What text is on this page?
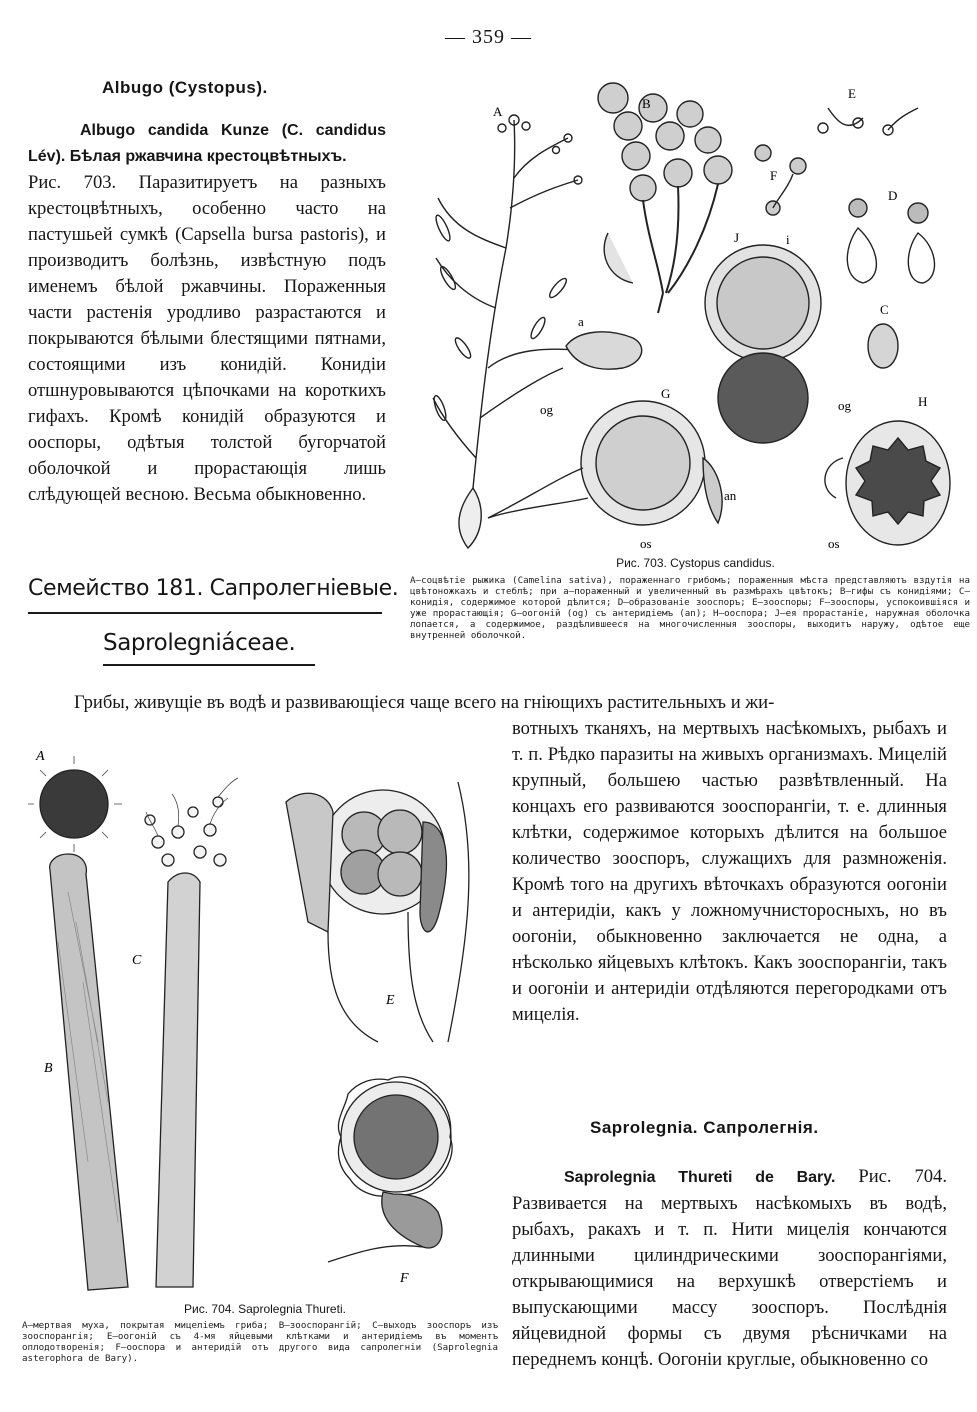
— 359 —
Albugo (Cystopus).
Albugo candida Kunze (C. candidus Lév). Бѣлая ржавчина крестоцвѣтныхъ.
Рис. 703. Паразитируетъ на разныхъ крестоцвѣтныхъ, особенно часто на пастушьей сумкѣ (Capsella bursa pastoris), и производитъ болѣзнь, извѣстную подъ именемъ бѣлой ржавчины. Пораженныя части растенія уродливо разрастаются и покрываются бѣлыми блестящими пятнами, состоящими изъ конидій. Конидіи отшнуровываются цѣпочками на короткихъ гифахъ. Кромѣ конидій образуются и ооспоры, одѣтыя толстой бугорчатой оболочкой и прорастающія лишь слѣдующей весною. Весьма обыкновенно.
Семейство 181. Сапролегніевые.
Saprolegniáceae.
A
B
E
F
D
J	i
a
C
og
G
og	H
an
os	os
Рис. 703. Cystopus candidus.
A—соцвѣтіе рыжика (Camelina sativa), пораженнаго грибомъ; пораженныя мѣста представляютъ вздутія на цвѣтоножкахъ и стеблѣ; при a—пораженный и увеличенный въ размѣрахъ цвѣтокъ; B—гифы съ конидіями; C—конидія, содержимое которой дѣлится; D—образованіе зооспоръ; E—зооспоры; F—зооспоры, успокоившіяся и уже прорастающія; G—оогоній (og) съ антеридіемъ (an); H—ооспора; J—ея прорастаніе, наружная оболочка лопается, а содержимое, раздѣлившееся на многочисленныя зооспоры, выходитъ наружу, одѣтое еще внутренней оболочкой.
Грибы, живущіе въ водѣ и развивающіеся чаще всего на гніющихъ растительныхъ и жи-
вотныхъ тканяхъ, на мертвыхъ насѣкомыхъ, рыбахъ и т. п. Рѣдко паразиты на живыхъ организмахъ. Мицелій крупный, большею частью развѣтвленный. На концахъ его развиваются зооспорангіи, т. е. длинныя клѣтки, содержимое которыхъ дѣлится на большое количество зооспоръ, служащихъ для размноженія. Кромѣ того на другихъ вѣточкахъ образуются оогоніи и антеридіи, какъ у ложномучнисторосныхъ, но въ оогоніи, обыкновенно заключается не одна, а нѣсколько яйцевыхъ клѣтокъ. Какъ зооспорангіи, такъ и оогоніи и антеридіи отдѣляются перегородками отъ мицелія.
Saprolegnia. Сапролегнія.
Saprolegnia Thureti de Bary. Рис. 704. Развивается на мертвыхъ насѣкомыхъ въ водѣ, рыбахъ, ракахъ и т. п. Нити мицелія кончаются длинными цилиндрическими зооспорангіями, открывающимися на верхушкѣ отверстіемъ и выпускающими массу зооспоръ. Послѣднія яйцевидной формы съ двумя рѣсничками на переднемъ концѣ. Оогоніи круглые, обыкновенно со
A
C
B
E
F
Рис. 704. Saprolegnia Thureti.
A—мертвая муха, покрытая мицеліемъ гриба; B—зооспорангій; C—выходъ зооспоръ изъ зооспорангія; E—оогоній съ 4-мя яйцевыми клѣтками и антеридіемъ въ моментъ оплодотворенія; F—ооспора и антеридій отъ другого вида сапролегніи (Saprolegnia asterophora de Bary).
